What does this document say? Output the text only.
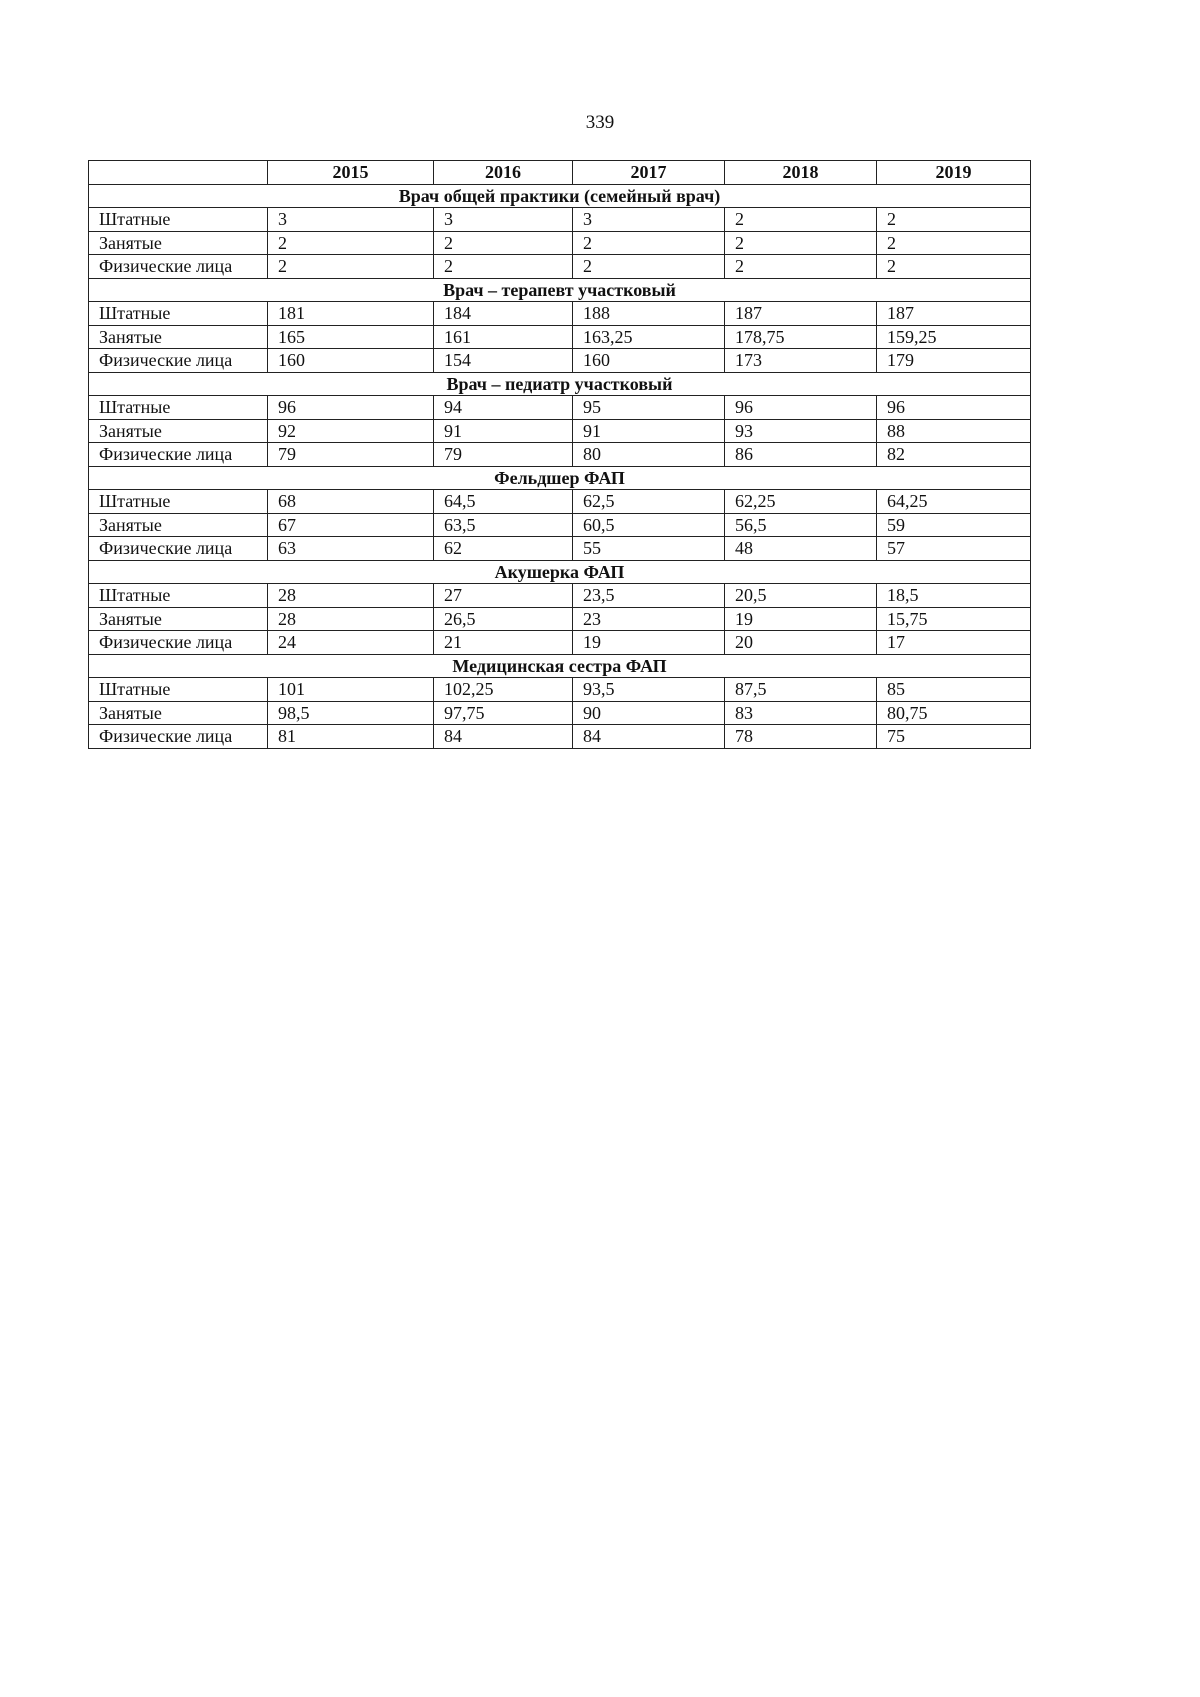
339
	2015	2016	2017	2018	2019
Врач общей практики (семейный врач)					
Штатные	3	3	3	2	2
Занятые	2	2	2	2	2
Физические лица	2	2	2	2	2
Врач – терапевт участковый					
Штатные	181	184	188	187	187
Занятые	165	161	163,25	178,75	159,25
Физические лица	160	154	160	173	179
Врач – педиатр участковый					
Штатные	96	94	95	96	96
Занятые	92	91	91	93	88
Физические лица	79	79	80	86	82
Фельдшер ФАП					
Штатные	68	64,5	62,5	62,25	64,25
Занятые	67	63,5	60,5	56,5	59
Физические лица	63	62	55	48	57
Акушерка ФАП					
Штатные	28	27	23,5	20,5	18,5
Занятые	28	26,5	23	19	15,75
Физические лица	24	21	19	20	17
Медицинская сестра ФАП					
Штатные	101	102,25	93,5	87,5	85
Занятые	98,5	97,75	90	83	80,75
Физические лица	81	84	84	78	75
